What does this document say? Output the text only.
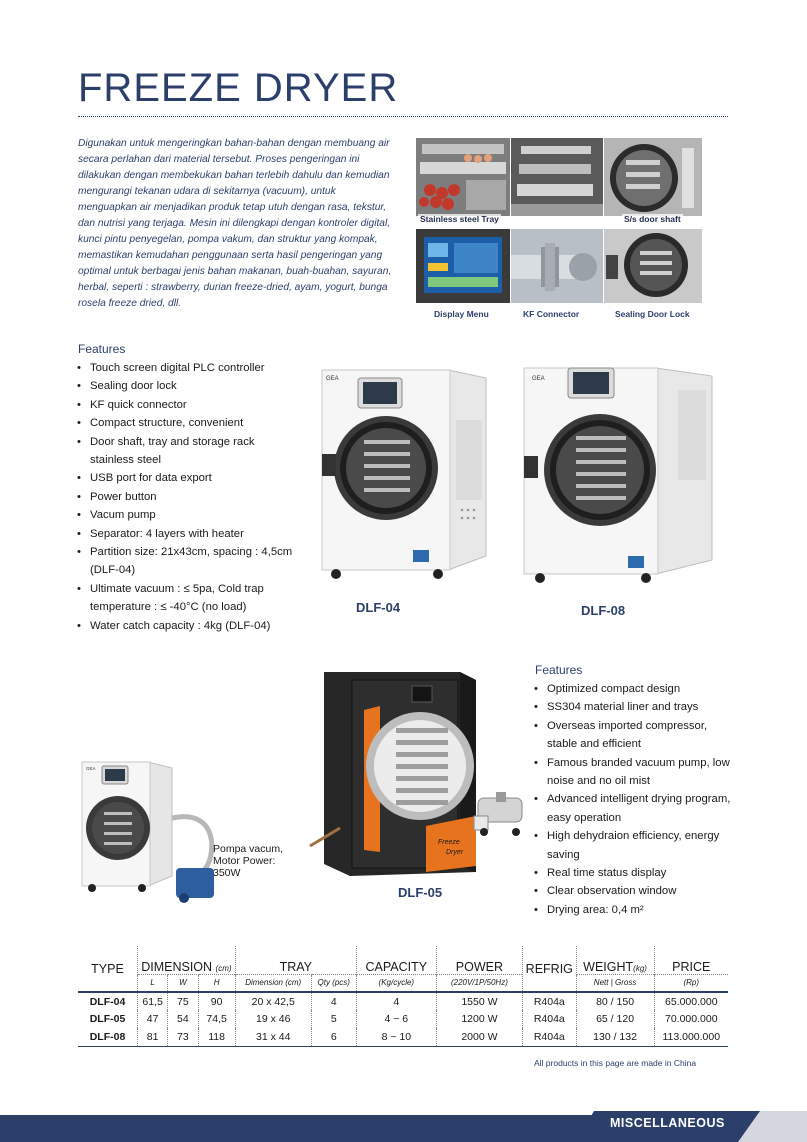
FREEZE DRYER

Digunakan untuk mengeringkan bahan-bahan dengan membuang air secara perlahan dari material tersebut. Proses pengeringan ini dilakukan dengan membekukan bahan terlebih dahulu dan kemudian mengurangi tekanan udara di sekitarnya (vacuum), untuk menguapkan air menjadikan produk tetap utuh dengan rasa, tekstur, dan nutrisi yang terjaga. Mesin ini dilengkapi dengan kontroler digital, kunci pintu penyegelan, pompa vakum, dan struktur yang kompak, memastikan kemudahan penggunaan serta hasil pengeringan yang optimal untuk berbagai jenis bahan makanan, buah-buahan, sayuran, herbal, seperti : strawberry, durian freeze-dried, ayam, yogurt, bunga rosela freeze dried, dll.

Stainless steel Tray	S/s door shaft
Display Menu	KF Connector	Sealing Door Lock
Features
• Touch screen digital PLC controller
• Sealing door lock
• KF quick connector
• Compact structure, convenient
• Door shaft, tray and storage rack stainless steel
• USB port for data export
• Power button
• Vacum pump
• Separator: 4 layers with heater
• Partition size: 21x43cm, spacing : 4,5cm (DLF-04)
• Ultimate vacuum : ≤ 5pa, Cold trap temperature : ≤ -40°C (no load)
• Water catch capacity : 4kg (DLF-04)
GEA
DLF-04
GEA
DLF-08
GEA
Pompa vacum, Motor Power: 350W
Freeze
Dryer
DLF-05
Features
• Optimized compact design
• SS304 material liner and trays
• Overseas imported compressor, stable and efficient
• Famous branded vacuum pump, low noise and no oil mist
• Advanced intelligent drying program, easy operation
• High dehydraion efficiency, energy saving
• Real time status display
• Clear observation window
• Drying area: 0,4 m²
TYPE	DIMENSION (cm)			TRAY		CAPACITY	POWER	REFRIG	WEIGHT(kg)	PRICE
	L	W	H	Dimension (cm)	Qty (pcs)	(Kg/cycle)	(220V/1P/50Hz)		Nett | Gross	(Rp)
DLF-04	61,5	75	90	20 x 42,5	4	4	1550 W	R404a	80 / 150	65.000.000
DLF-05	47	54	74,5	19 x 46	5	4 ~ 6	1200 W	R404a	65 / 120	70.000.000
DLF-08	81	73	118	31 x 44	6	8 ~ 10	2000 W	R404a	130 / 132	113.000.000
All products in this page are made in China
MISCELLANEOUS
